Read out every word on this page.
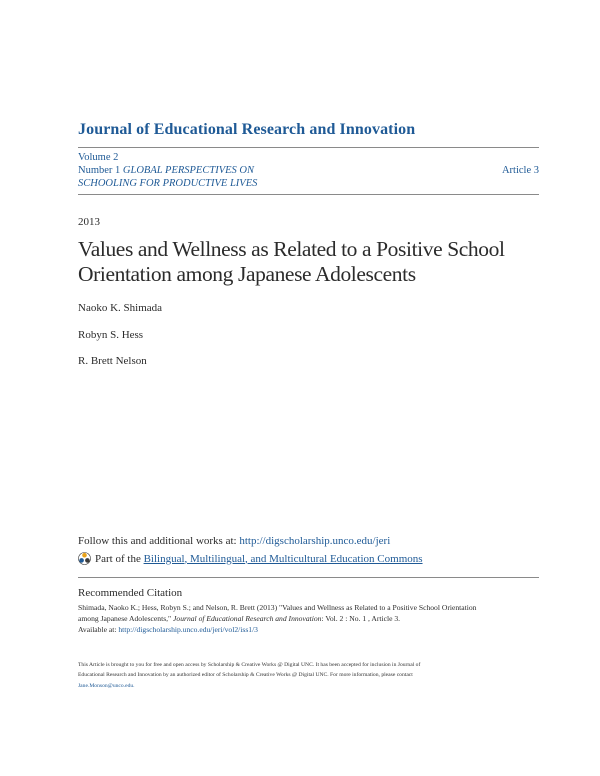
Journal of Educational Research and Innovation
Volume 2
Number 1 GLOBAL PERSPECTIVES ON
SCHOOLING FOR PRODUCTIVE LIVES
Article 3
2013
Values and Wellness as Related to a Positive School Orientation among Japanese Adolescents
Naoko K. Shimada
Robyn S. Hess
R. Brett Nelson
Follow this and additional works at: http://digscholarship.unco.edu/jeri
Part of the
Bilingual, Multilingual, and Multicultural Education Commons
Recommended Citation
Shimada, Naoko K.; Hess, Robyn S.; and Nelson, R. Brett (2013) "Values and Wellness as Related to a Positive School Orientation
among Japanese Adolescents," Journal of Educational Research and Innovation: Vol. 2 : No. 1 , Article 3.
Available at: http://digscholarship.unco.edu/jeri/vol2/iss1/3
This Article is brought to you for free and open access by Scholarship & Creative Works @ Digital UNC. It has been accepted for inclusion in Journal of
Educational Research and Innovation by an authorized editor of Scholarship & Creative Works @ Digital UNC. For more information, please contact
Jane.Monson@unco.edu.
